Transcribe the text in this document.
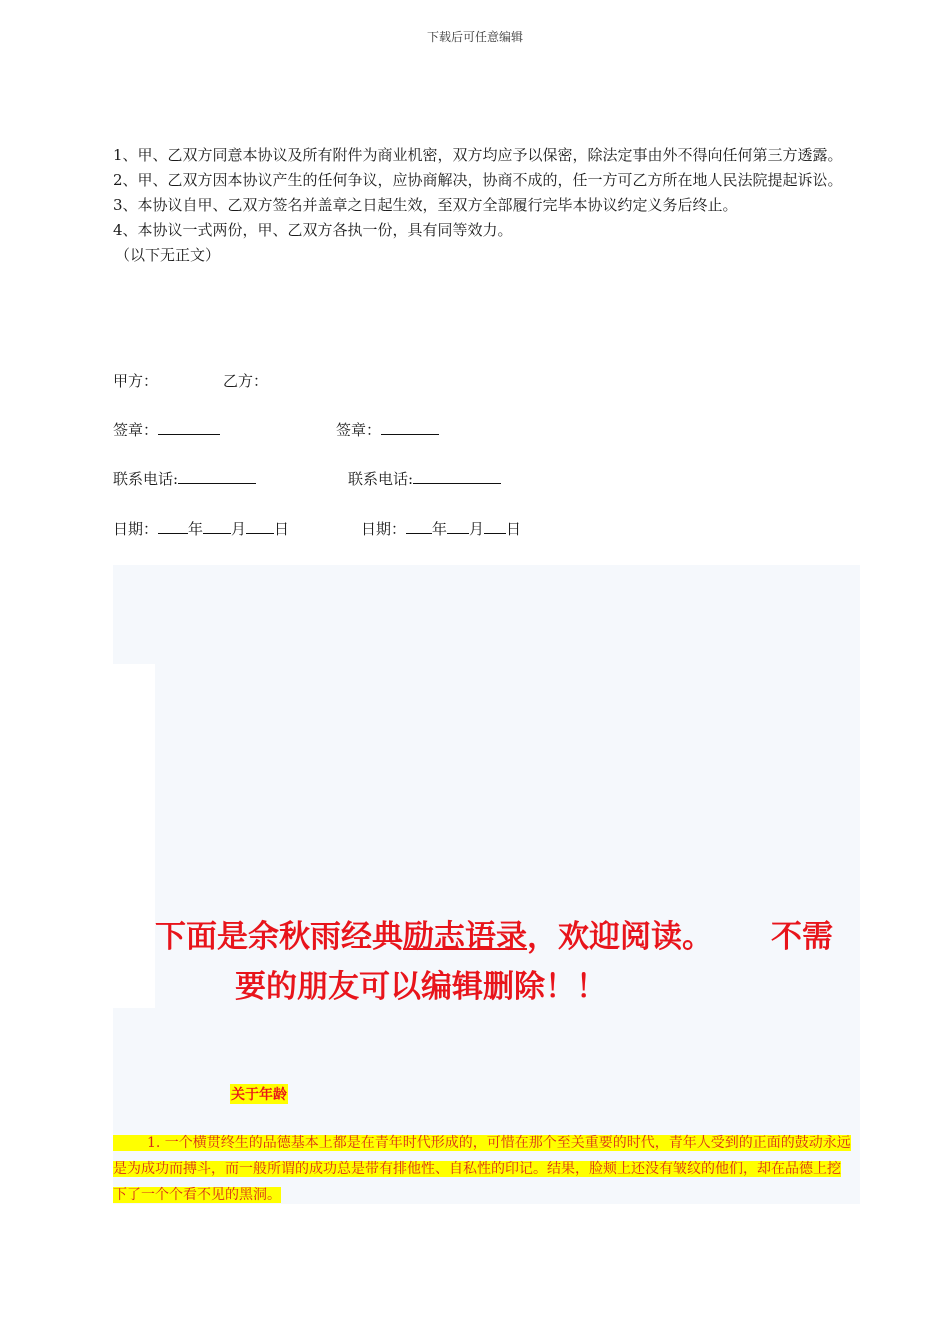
下载后可任意编辑

1、甲、乙双方同意本协议及所有附件为商业机密，双方均应予以保密，除法定事由外不得向任何第三方透露。

2、甲、乙双方因本协议产生的任何争议，应协商解决，协商不成的，任一方可乙方所在地人民法院提起诉讼。

3、本协议自甲、乙双方签名并盖章之日起生效，至双方全部履行完毕本协议约定义务后终止。

4、本协议一式两份，甲、乙双方各执一份，具有同等效力。

（以下无正文）

甲方：	乙方：
签章：	签章：
联系电话:	联系电话:
日期： 年 月 日	日期： 年 月 日
下面是余秋雨经典励志语录，欢迎阅读。 不需
要的朋友可以编辑删除！！
关于年龄
1. 一个横贯终生的品德基本上都是在青年时代形成的，可惜在那个至关重要的时代，青年人受到的正面的鼓动永远是为成功而搏斗，而一般所谓的成功总是带有排他性、自私性的印记。结果，脸颊上还没有皱纹的他们，却在品德上挖下了一个个看不见的黑洞。
